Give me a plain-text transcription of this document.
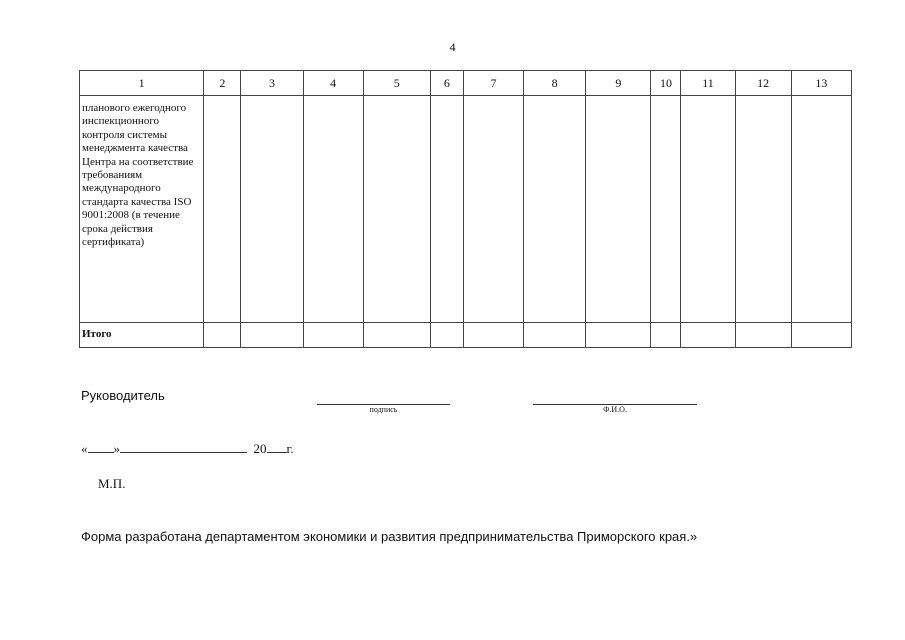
4
1	2	3	4	5	6	7	8	9	10	11	12	13
планового ежегодного инспекционного контроля системы менеджмента качества Центра на соответствие требованиям международного стандарта качества ISO 9001:2008 (в течение срока действия сертификата)												
Итого												
Руководитель
подпись	Ф.И.О.
« »	20 г.
М.П.
Форма разработана департаментом экономики и развития предпринимательства Приморского края.»
